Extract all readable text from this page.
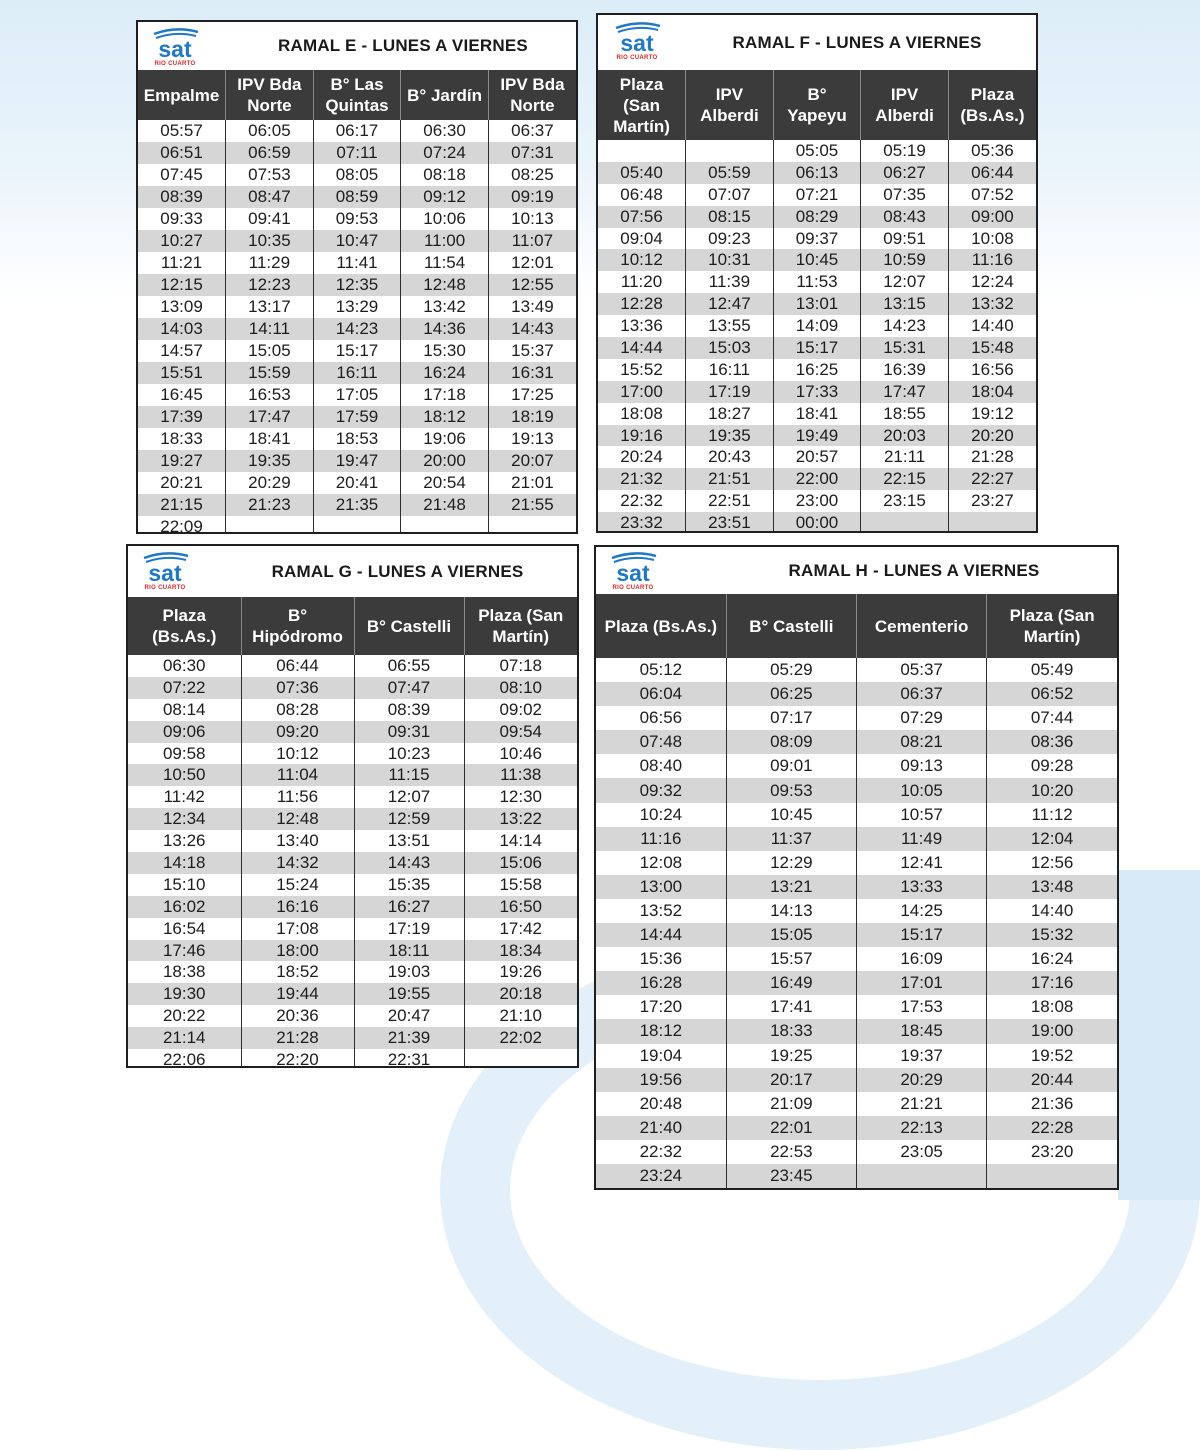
sat
RIO CUARTO
RAMAL E - LUNES A VIERNES
Empalme	IPV Bda Norte	B° Las Quintas	B° Jardín	IPV Bda Norte
05:57	06:05	06:17	06:30	06:37
06:51	06:59	07:11	07:24	07:31
07:45	07:53	08:05	08:18	08:25
08:39	08:47	08:59	09:12	09:19
09:33	09:41	09:53	10:06	10:13
10:27	10:35	10:47	11:00	11:07
11:21	11:29	11:41	11:54	12:01
12:15	12:23	12:35	12:48	12:55
13:09	13:17	13:29	13:42	13:49
14:03	14:11	14:23	14:36	14:43
14:57	15:05	15:17	15:30	15:37
15:51	15:59	16:11	16:24	16:31
16:45	16:53	17:05	17:18	17:25
17:39	17:47	17:59	18:12	18:19
18:33	18:41	18:53	19:06	19:13
19:27	19:35	19:47	20:00	20:07
20:21	20:29	20:41	20:54	21:01
21:15	21:23	21:35	21:48	21:55
22:09				
sat
RIO CUARTO
RAMAL F - LUNES A VIERNES
Plaza (San Martín)	IPV Alberdi	B° Yapeyu	IPV Alberdi	Plaza (Bs.As.)
		05:05	05:19	05:36
05:40	05:59	06:13	06:27	06:44
06:48	07:07	07:21	07:35	07:52
07:56	08:15	08:29	08:43	09:00
09:04	09:23	09:37	09:51	10:08
10:12	10:31	10:45	10:59	11:16
11:20	11:39	11:53	12:07	12:24
12:28	12:47	13:01	13:15	13:32
13:36	13:55	14:09	14:23	14:40
14:44	15:03	15:17	15:31	15:48
15:52	16:11	16:25	16:39	16:56
17:00	17:19	17:33	17:47	18:04
18:08	18:27	18:41	18:55	19:12
19:16	19:35	19:49	20:03	20:20
20:24	20:43	20:57	21:11	21:28
21:32	21:51	22:00	22:15	22:27
22:32	22:51	23:00	23:15	23:27
23:32	23:51	00:00		
sat
RIO CUARTO
RAMAL G - LUNES A VIERNES
Plaza (Bs.As.)	B° Hipódromo	B° Castelli	Plaza (San Martín)
06:30	06:44	06:55	07:18
07:22	07:36	07:47	08:10
08:14	08:28	08:39	09:02
09:06	09:20	09:31	09:54
09:58	10:12	10:23	10:46
10:50	11:04	11:15	11:38
11:42	11:56	12:07	12:30
12:34	12:48	12:59	13:22
13:26	13:40	13:51	14:14
14:18	14:32	14:43	15:06
15:10	15:24	15:35	15:58
16:02	16:16	16:27	16:50
16:54	17:08	17:19	17:42
17:46	18:00	18:11	18:34
18:38	18:52	19:03	19:26
19:30	19:44	19:55	20:18
20:22	20:36	20:47	21:10
21:14	21:28	21:39	22:02
22:06	22:20	22:31	
sat
RIO CUARTO
RAMAL H - LUNES A VIERNES
Plaza (Bs.As.)	B° Castelli	Cementerio	Plaza (San Martín)
05:12	05:29	05:37	05:49
06:04	06:25	06:37	06:52
06:56	07:17	07:29	07:44
07:48	08:09	08:21	08:36
08:40	09:01	09:13	09:28
09:32	09:53	10:05	10:20
10:24	10:45	10:57	11:12
11:16	11:37	11:49	12:04
12:08	12:29	12:41	12:56
13:00	13:21	13:33	13:48
13:52	14:13	14:25	14:40
14:44	15:05	15:17	15:32
15:36	15:57	16:09	16:24
16:28	16:49	17:01	17:16
17:20	17:41	17:53	18:08
18:12	18:33	18:45	19:00
19:04	19:25	19:37	19:52
19:56	20:17	20:29	20:44
20:48	21:09	21:21	21:36
21:40	22:01	22:13	22:28
22:32	22:53	23:05	23:20
23:24	23:45		
